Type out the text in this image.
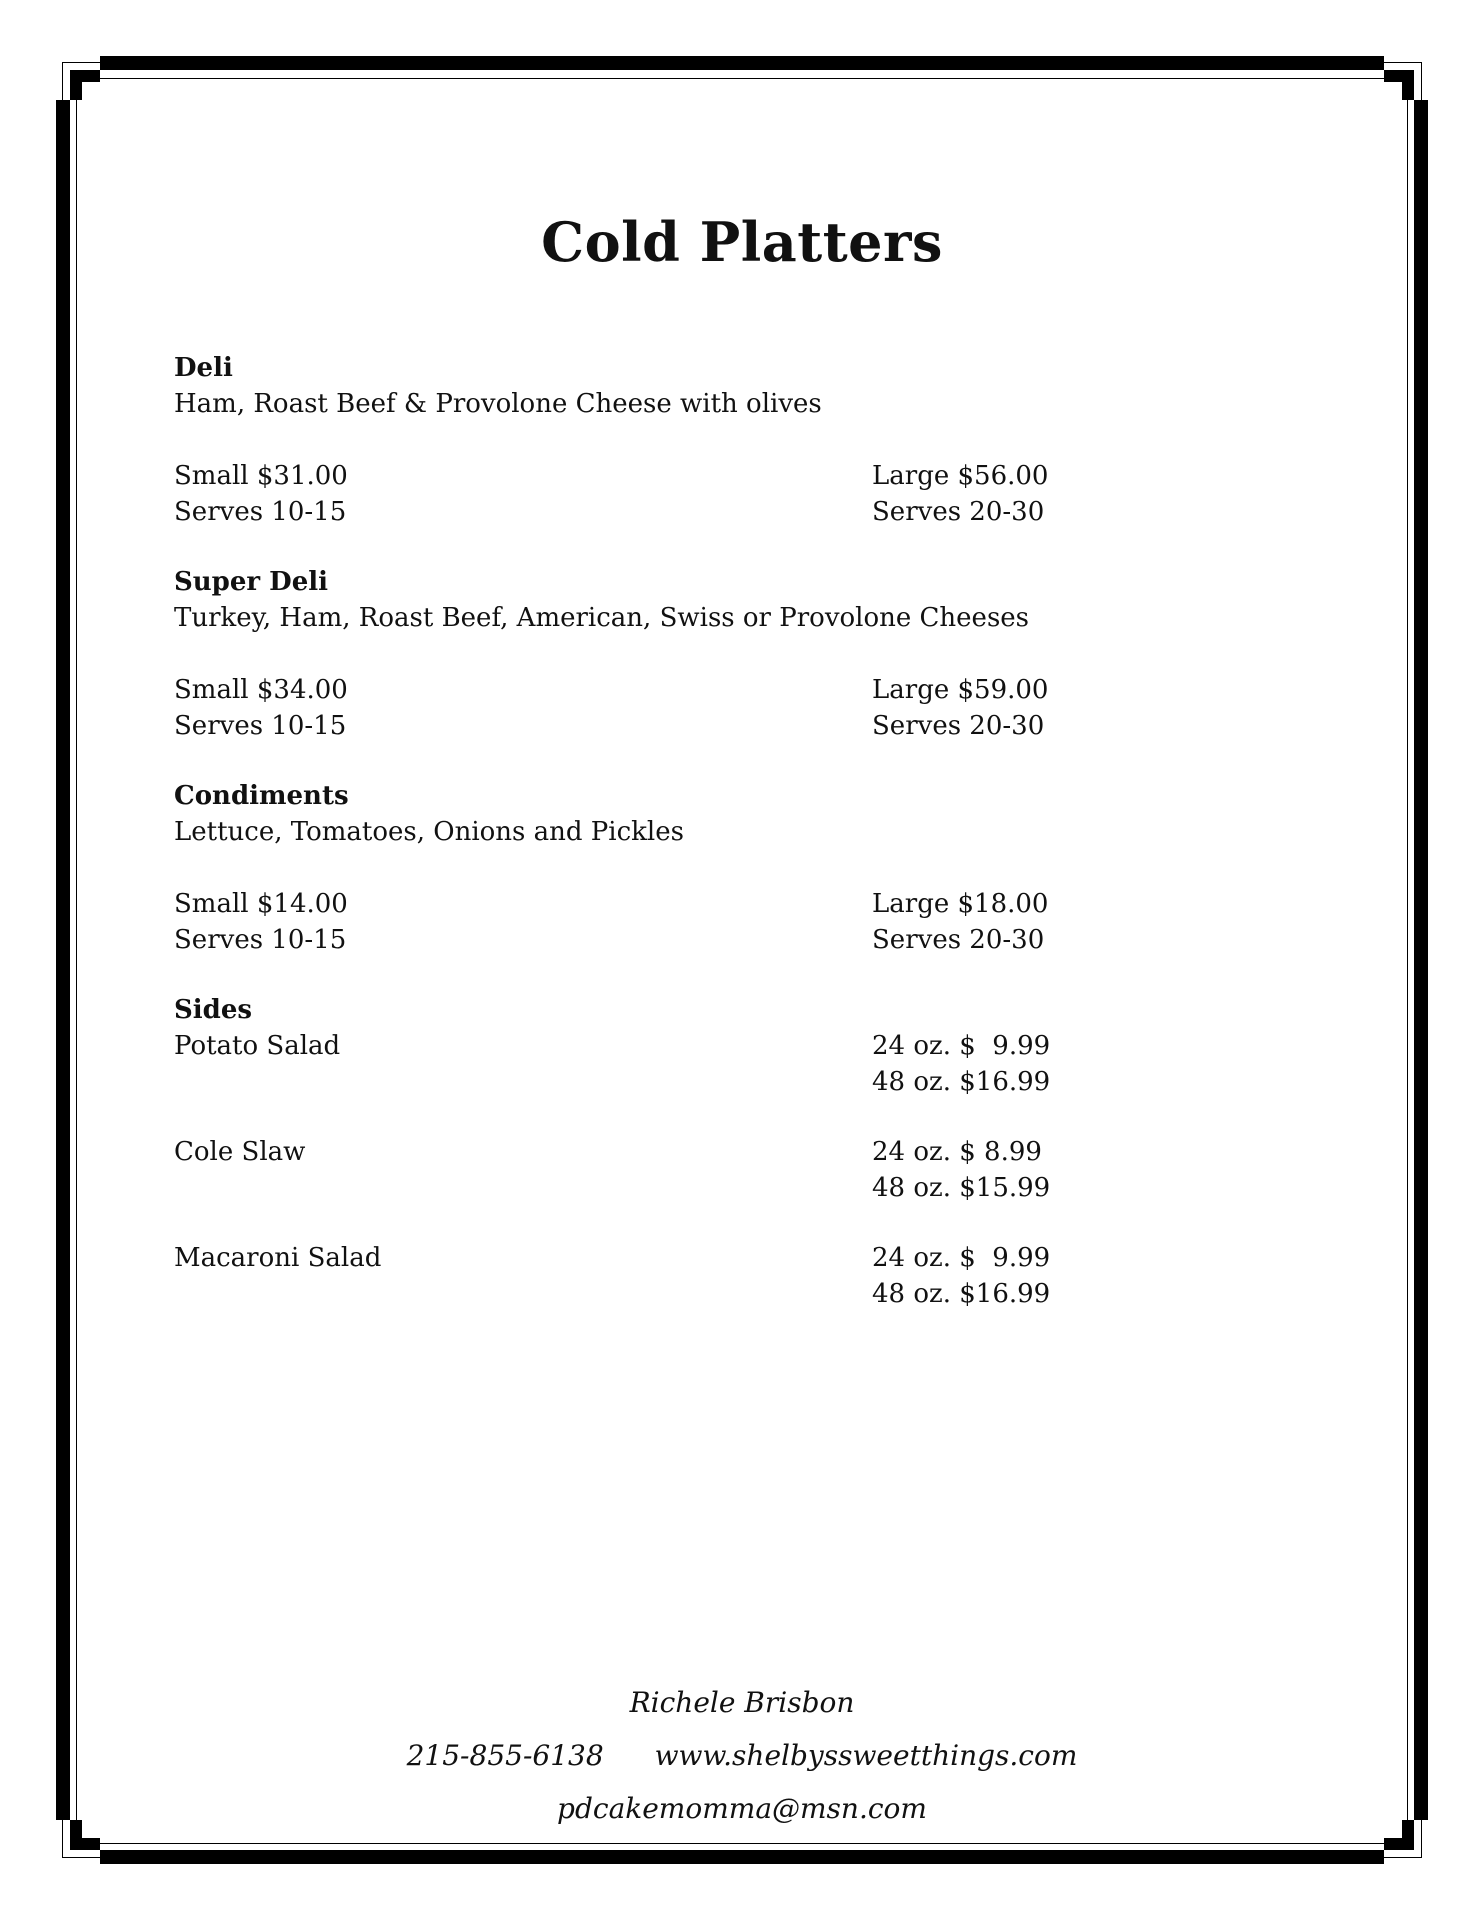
Cold Platters
Deli
Ham, Roast Beef & Provolone Cheese with olives
Small $31.00	Large $56.00
Serves 10-15	Serves 20-30
Super Deli
Turkey, Ham, Roast Beef, American, Swiss or Provolone Cheeses
Small $34.00	Large $59.00
Serves 10-15	Serves 20-30
Condiments
Lettuce, Tomatoes, Onions and Pickles
Small $14.00	Large $18.00
Serves 10-15	Serves 20-30
Sides
Potato Salad	24 oz. $  9.99
48 oz. $16.99
Cole Slaw	24 oz. $ 8.99
48 oz. $15.99
Macaroni Salad	24 oz. $  9.99
48 oz. $16.99
Richele Brisbon
215-855-6138 www.shelbyssweetthings.com
pdcakemomma@msn.com
